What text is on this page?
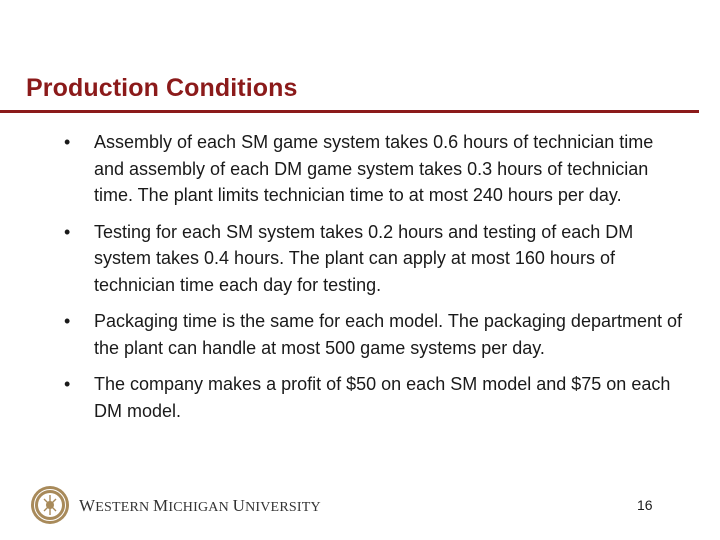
Production Conditions
•	Assembly of each SM game system takes 0.6 hours of technician time and assembly of each DM game system takes 0.3 hours of technician time. The plant limits technician time to at most 240 hours per day.
•	Testing for each SM system takes 0.2 hours and testing of each DM system takes 0.4 hours. The plant can apply at most 160 hours of technician time each day for testing.
•	Packaging time is the same for each model. The packaging department of the plant can handle at most 500 game systems per day.
•	The company makes a profit of $50 on each SM model and $75 on each DM model.
WESTERN MICHIGAN UNIVERSITY	16
